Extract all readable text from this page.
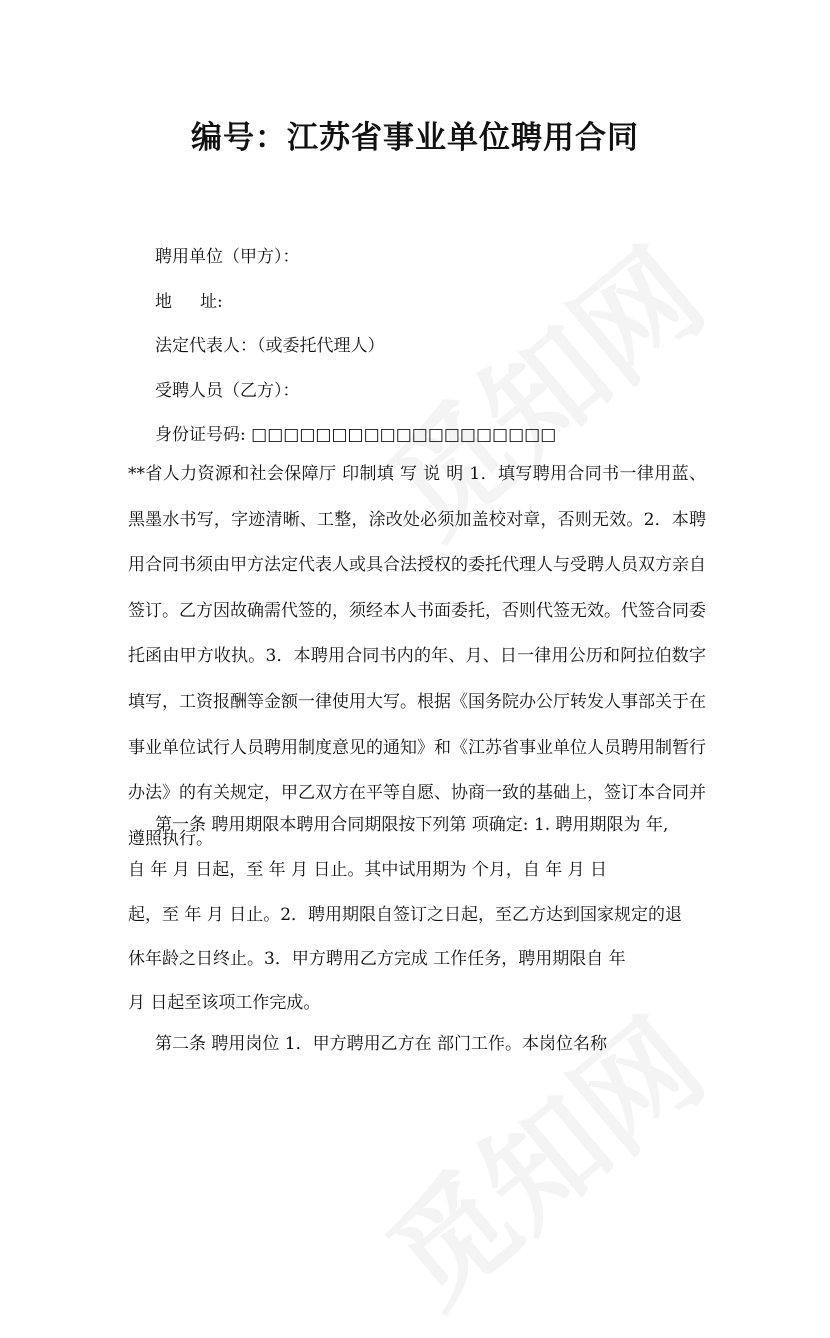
编号：江苏省事业单位聘用合同

聘用单位（甲方）：

地 址:

法定代表人：（或委托代理人）

受聘人员（乙方）：

身份证号码: □□□□□□□□□□□□□□□□□□□

**省人力资源和社会保障厅 印制填 写 说 明 1．填写聘用合同书一律用蓝、黑墨水书写，字迹清晰、工整，涂改处必须加盖校对章，否则无效。2．本聘用合同书须由甲方法定代表人或具合法授权的委托代理人与受聘人员双方亲自签订。乙方因故确需代签的，须经本人书面委托，否则代签无效。代签合同委托函由甲方收执。3．本聘用合同书内的年、月、日一律用公历和阿拉伯数字填写，工资报酬等金额一律使用大写。根据《国务院办公厅转发人事部关于在事业单位试行人员聘用制度意见的通知》和《江苏省事业单位人员聘用制暂行办法》的有关规定，甲乙双方在平等自愿、协商一致的基础上，签订本合同并遵照执行。

第一条 聘用期限本聘用合同期限按下列第 项确定: 1. 聘用期限为 年,

自 年 月 日起，至 年 月 日止。其中试用期为 个月，自 年 月 日

起，至 年 月 日止。2．聘用期限自签订之日起，至乙方达到国家规定的退

休年龄之日终止。3．甲方聘用乙方完成 工作任务，聘用期限自 年

月 日起至该项工作完成。

第二条 聘用岗位 1．甲方聘用乙方在 部门工作。本岗位名称
